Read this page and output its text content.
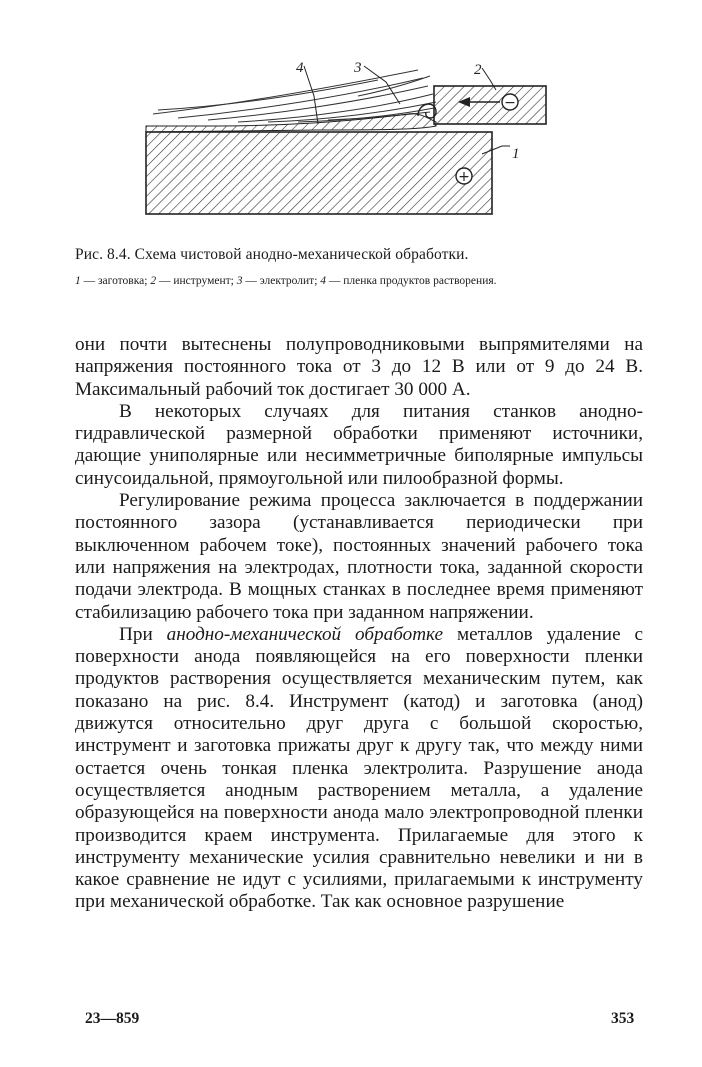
−
+
4	3	2
1
Рис. 8.4. Схема чистовой анодно-механической обработки.
1 — заготовка; 2 — инструмент; 3 — электролит; 4 — пленка продуктов растворения.

они почти вытеснены полупроводниковыми выпрямителями на напряжения постоянного тока от 3 до 12 В или от 9 до 24 В. Максимальный рабочий ток достигает 30 000 А.

В некоторых случаях для питания станков анодно-гидравлической размерной обработки применяют источники, дающие униполярные или несимметричные биполярные импульсы синусоидальной, прямоугольной или пилообразной формы.

Регулирование режима процесса заключается в поддержании постоянного зазора (устанавливается периодически при выключенном рабочем токе), постоянных значений рабочего тока или напряжения на электродах, плотности тока, заданной скорости подачи электрода. В мощных станках в последнее время применяют стабилизацию рабочего тока при заданном напряжении.

При анодно-механической обработке металлов удаление с поверхности анода появляющейся на его поверхности пленки продуктов растворения осуществляется механическим путем, как показано на рис. 8.4. Инструмент (катод) и заготовка (анод) движутся относительно друг друга с большой скоростью, инструмент и заготовка прижаты друг к другу так, что между ними остается очень тонкая пленка электролита. Разрушение анода осуществляется анодным растворением металла, а удаление образующейся на поверхности анода мало электропроводной пленки производится краем инструмента. Прилагаемые для этого к инструменту механические усилия сравнительно невелики и ни в какое сравнение не идут с усилиями, прилагаемыми к инструменту при механической обработке. Так как основное разрушение

23—859	353
